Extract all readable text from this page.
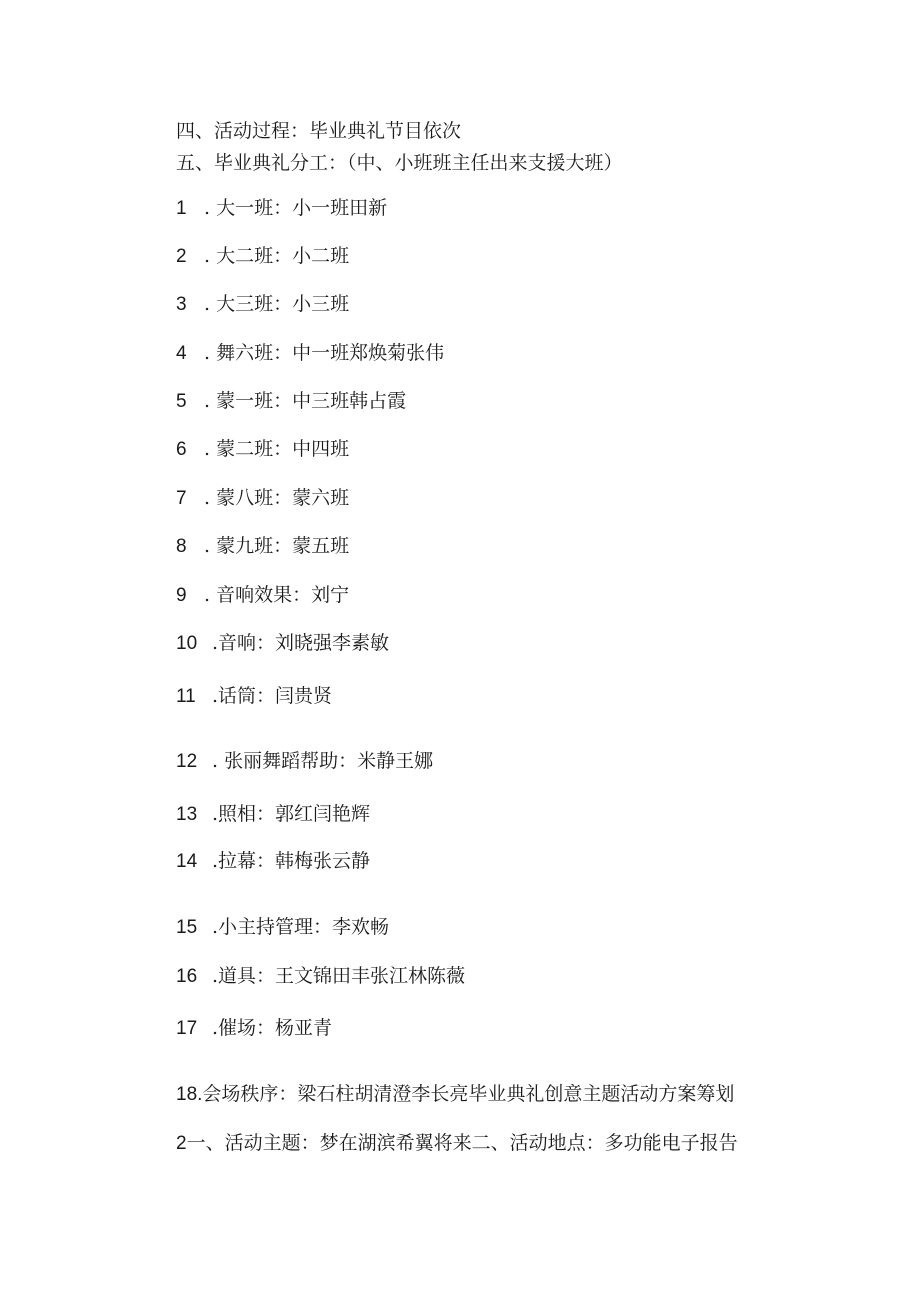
四、活动过程：毕业典礼节目依次
五、毕业典礼分工：（中、小班班主任出来支援大班）
1 . 大一班：小一班田新
2 . 大二班：小二班
3 . 大三班：小三班
4 . 舞六班：中一班郑焕菊张伟
5 . 蒙一班：中三班韩占霞
6 . 蒙二班：中四班
7 . 蒙八班：蒙六班
8 . 蒙九班：蒙五班
9 . 音响效果：刘宁
10 .音响：刘晓强李素敏
11 .话筒：闫贵贤
12 . 张丽舞蹈帮助：米静王娜
13 .照相：郭红闫艳辉
14 .拉幕：韩梅张云静
15 .小主持管理：李欢畅
16 .道具：王文锦田丰张江林陈薇
17 .催场：杨亚青
18.会场秩序：梁石柱胡清澄李长亮毕业典礼创意主题活动方案筹划
2一、活动主题：梦在湖滨希翼将来二、活动地点：多功能电子报告
